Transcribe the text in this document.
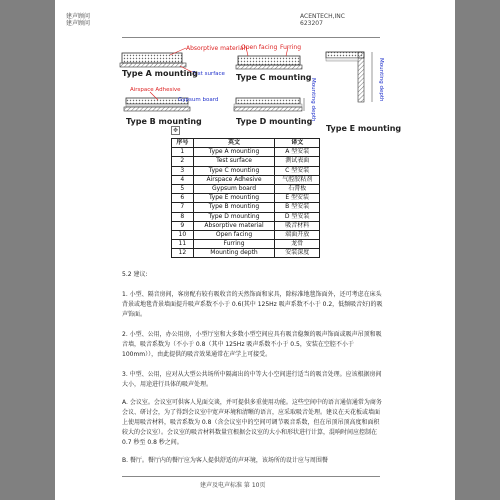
建声顾问
建声顾问
ACENTECH,INC
623207
Absorptive material
Test surface
Type A mounting
Open facing Furring
Type C mounting	Mounting depth
Type E mounting
Airspace Adhesive
Gypsum board
Type B mounting	Mounting depth
Type D mounting
✥
序号	英文	译文
1	Type A mounting	A 型安装
2	Test surface	测试表面
3	Type C mounting	C 型安装
4	Airspace Adhesive	气腔胶粘剂
5	Gypsum board	石膏板
6	Type E mounting	E 型安装
7	Type B mounting	B 型安装
8	Type D mounting	D 型安装
9	Absorptive material	吸音材料
10	Open facing	端面开放
11	Furring	龙骨
12	Mounting depth	安装深度
5.2 建议:
1. 小型、隔音房间，客房配有较有吸收音的天然饰面和家具，除标准地毯饰面外，还可考虑在床头背景或地毯背景墙面提升吸声系数不小于 0.6(其中 125Hz 吸声系数不小于 0.2，低频吸音好)的吸声饰面。
2. 小型、公用，办公用房，小型厅室和大多数小型空间应具有吸音稳频的吸声饰面或吸声吊顶和吸音墙，吸音系数为（不小于 0.8（其中 125Hz 吸声系数不小于 0.5，安装在空腔不小于 100mm）），由此提供的吸音效果通常在声学上可接受。
3. 中型、公用，应对从大型公共场所中隔离出的中等大小空间进行适当的吸音处理。应该根据房间大小，用途进行具体的吸声处理。
A. 会议室。会议室可供客人见面交谈，并可提供多重使用功能。这些空间中的语言通信通常为商务会议、研讨会，为了得到会议室中宽声环境和清晰的语言，应采取吸音处理。建议在天花板或墙面上使用吸音材料，吸音系数为 0.8（含会议室中的空间可调节吸音系数，但在吊顶吊顶高度和面积较大的会议室）。会议室的吸音材料数量宜根据会议室的大小和形状进行计算，混响时间应控制在 0.7 秒至 0.8 秒之间。
B. 餐厅。餐厅内的餐厅应为客人提供舒适的声环境，该场所的设计应与周围餐
建声及电声标准 第 10页
